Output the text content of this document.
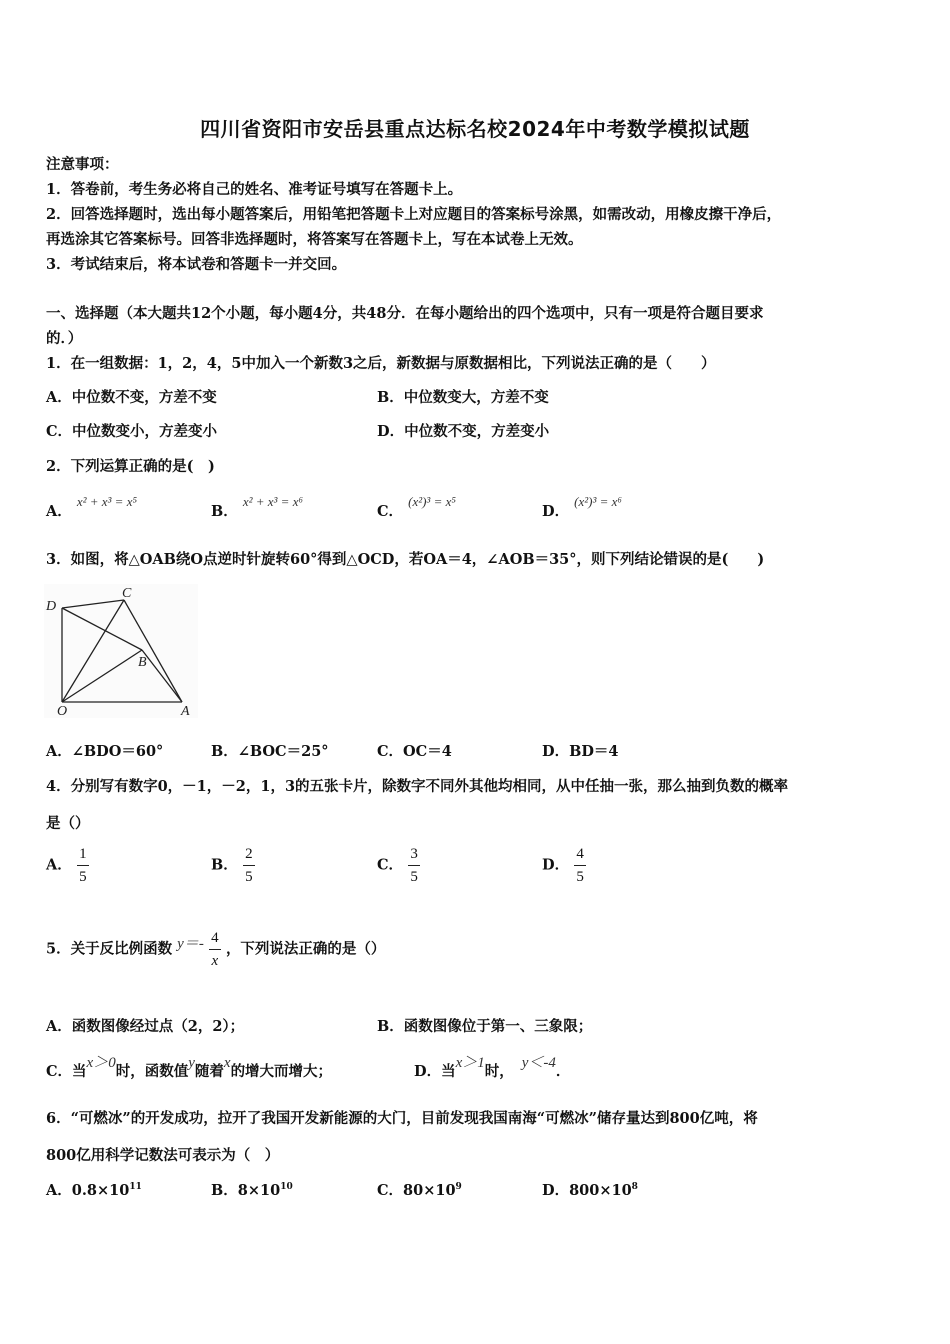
四川省资阳市安岳县重点达标名校2024年中考数学模拟试题
注意事项：
1．答卷前，考生务必将自己的姓名、准考证号填写在答题卡上。
2．回答选择题时，选出每小题答案后，用铅笔把答题卡上对应题目的答案标号涂黑，如需改动，用橡皮擦干净后，
再选涂其它答案标号。回答非选择题时，将答案写在答题卡上，写在本试卷上无效。
3．考试结束后，将本试卷和答题卡一并交回。
一、选择题（本大题共12个小题，每小题4分，共48分．在每小题给出的四个选项中，只有一项是符合题目要求
的．）
1．在一组数据：1，2，4，5中加入一个新数3之后，新数据与原数据相比，下列说法正确的是（　　）
A．中位数不变，方差不变	B．中位数变大，方差不变
C．中位数变小，方差变小	D．中位数不变，方差变小
2．下列运算正确的是(　)
A． x² + x³ = x⁵
B． x² + x³ = x⁶
C． (x²)³ = x⁵
D． (x²)³ = x⁶
3．如图，将△OAB绕O点逆时针旋转60°得到△OCD，若OA＝4，∠AOB＝35°，则下列结论错误的是(　　)
D
C
B
O	A
A．∠BDO＝60°	B．∠BOC＝25°	C．OC＝4	D．BD＝4
4．分别写有数字0，－1，－2，1，3的五张卡片，除数字不同外其他均相同，从中任抽一张，那么抽到负数的概率
是（）
A． $\frac{1}{5}$	B． $\frac{2}{5}$	C． $\frac{3}{5}$	D． $\frac{4}{5}$
5．关于反比例函数 $y=- \frac{4}{x}$ ，下列说法正确的是（）
A．函数图像经过点（2，2）；	B．函数图像位于第一、三象限；
C．当x＞0时，函数值y随着x的增大而增大；	D．当x＞1时， y＜-4．
6．“可燃冰”的开发成功，拉开了我国开发新能源的大门，目前发现我国南海“可燃冰”储存量达到800亿吨，将
800亿用科学记数法可表示为（　）
A．$0.8\times 10^{11}$	B．$8\times 10^{10}$	C．$80\times 10^9$	D．$800\times 10^8$
